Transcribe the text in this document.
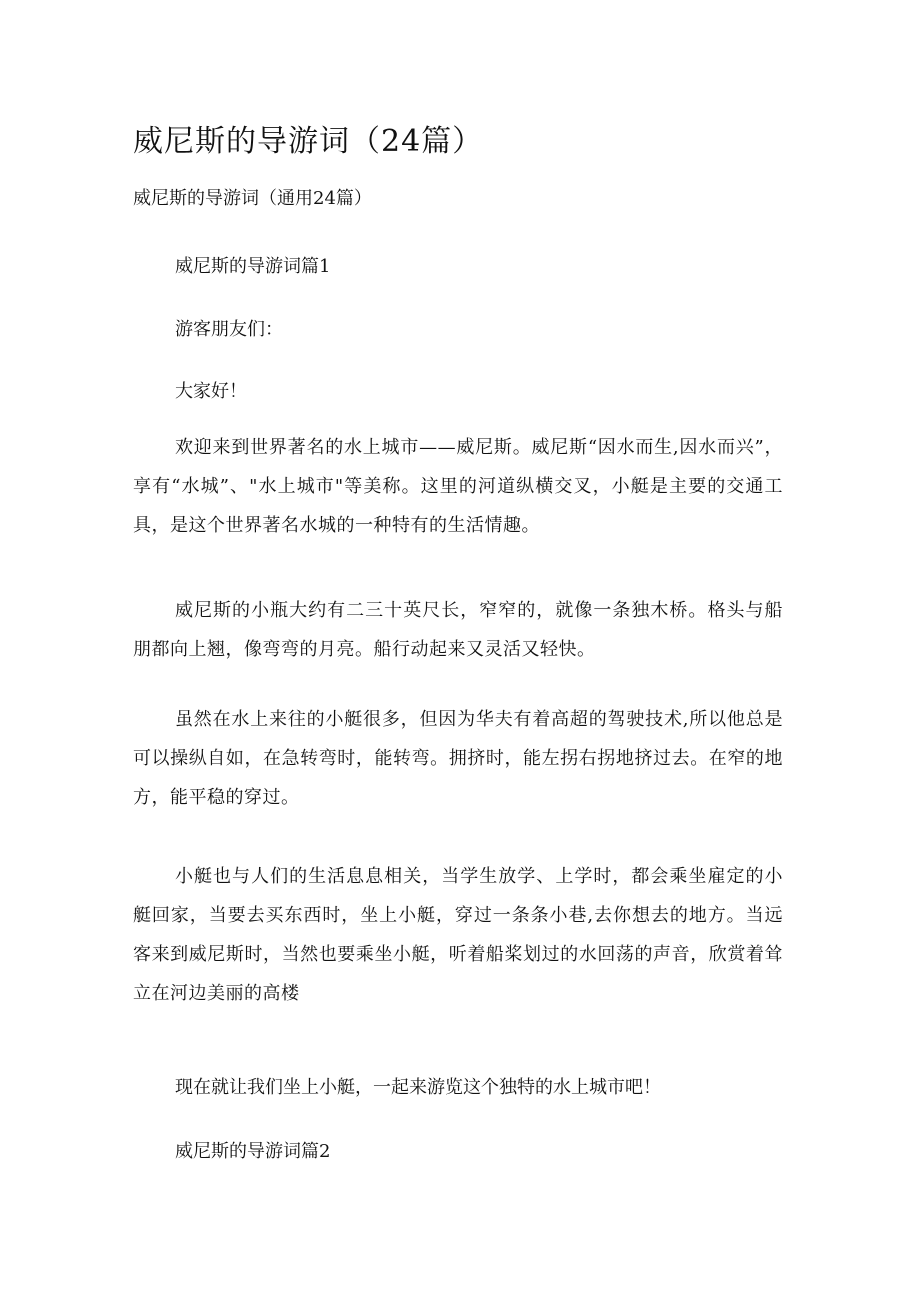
威尼斯的导游词（24篇）

威尼斯的导游词（通用24篇）

威尼斯的导游词篇1

游客朋友们：

大家好！

欢迎来到世界著名的水上城市——威尼斯。威尼斯“因水而生,因水而兴”，享有“水城”、"水上城市"等美称。这里的河道纵横交叉，小艇是主要的交通工具，是这个世界著名水城的一种特有的生活情趣。

威尼斯的小瓶大约有二三十英尺长，窄窄的，就像一条独木桥。格头与船朋都向上翘，像弯弯的月亮。船行动起来又灵活又轻快。

虽然在水上来往的小艇很多，但因为华夫有着高超的驾驶技术,所以他总是可以操纵自如，在急转弯时，能转弯。拥挤时，能左拐右拐地挤过去。在窄的地方，能平稳的穿过。

小艇也与人们的生活息息相关，当学生放学、上学时，都会乘坐雇定的小艇回家，当要去买东西时，坐上小艇，穿过一条条小巷,去你想去的地方。当远客来到威尼斯时，当然也要乘坐小艇，听着船桨划过的水回荡的声音，欣赏着耸立在河边美丽的高楼

现在就让我们坐上小艇，一起来游览这个独特的水上城市吧！

威尼斯的导游词篇2
